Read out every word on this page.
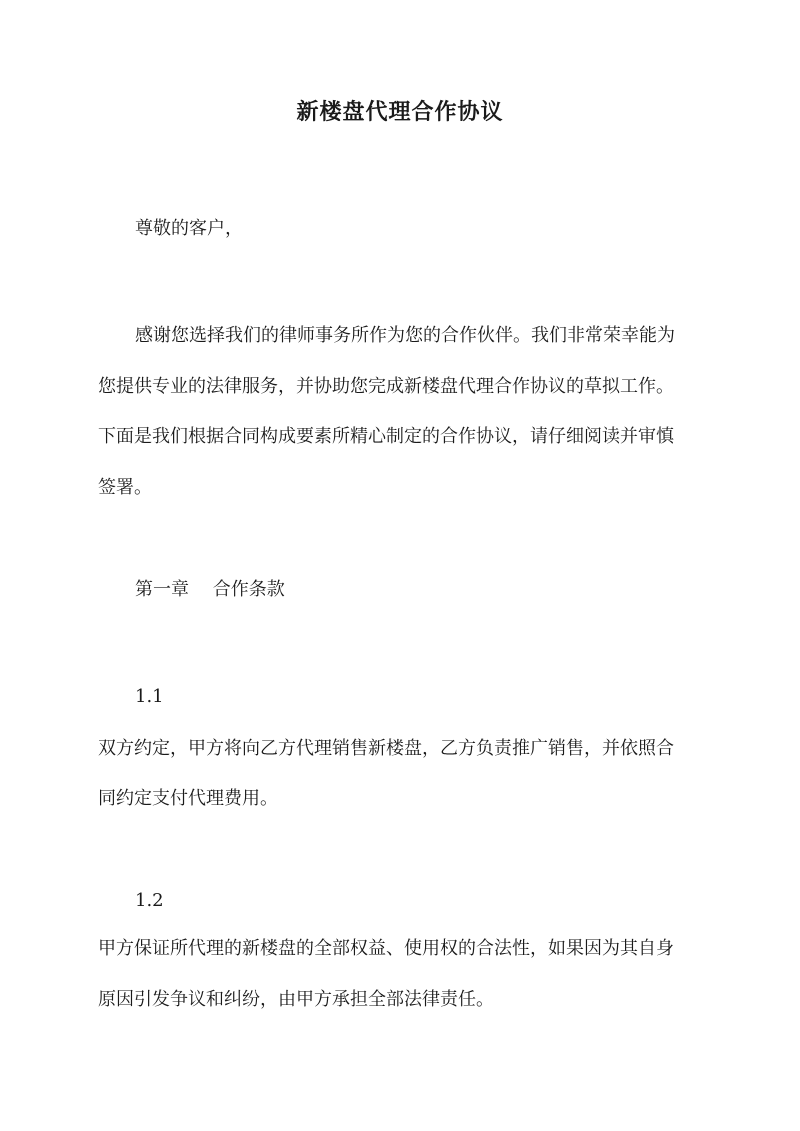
新楼盘代理合作协议
尊敬的客户，
感谢您选择我们的律师事务所作为您的合作伙伴。我们非常荣幸能为
您提供专业的法律服务，并协助您完成新楼盘代理合作协议的草拟工作。
下面是我们根据合同构成要素所精心制定的合作协议，请仔细阅读并审慎
签署。
第一章 合作条款
1.1
双方约定，甲方将向乙方代理销售新楼盘，乙方负责推广销售，并依照合
同约定支付代理费用。
1.2
甲方保证所代理的新楼盘的全部权益、使用权的合法性，如果因为其自身
原因引发争议和纠纷，由甲方承担全部法律责任。
